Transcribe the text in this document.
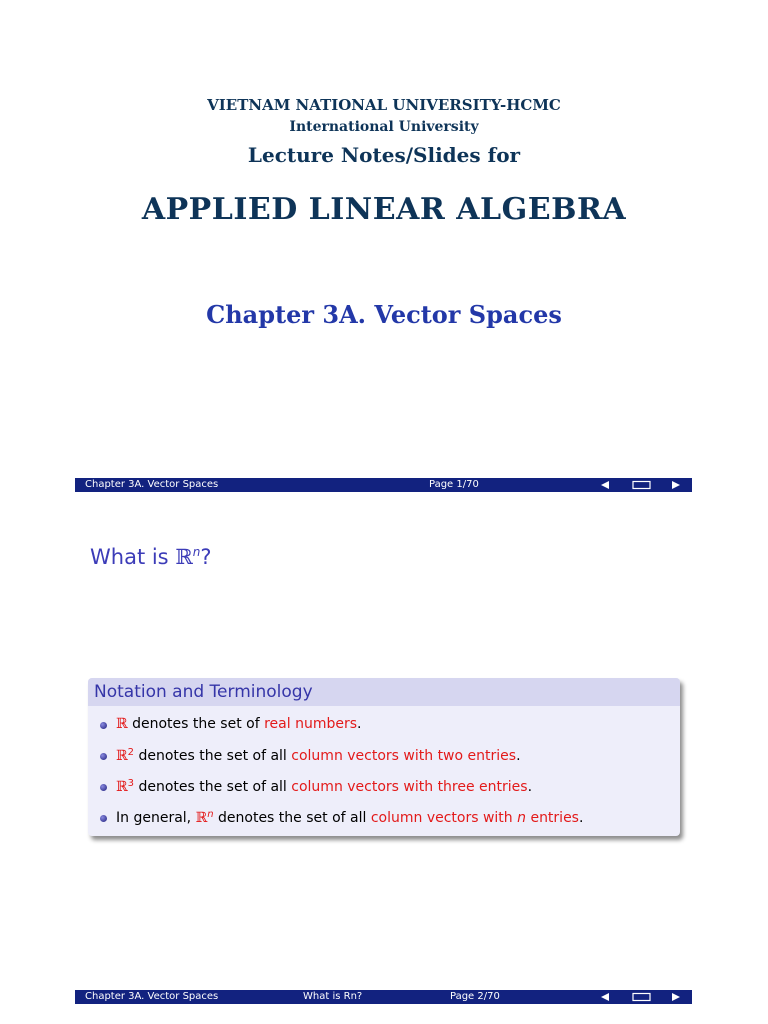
VIETNAM NATIONAL UNIVERSITY-HCMC
International University
Lecture Notes/Slides for
APPLIED LINEAR ALGEBRA
Chapter 3A. Vector Spaces
Chapter 3A. Vector Spaces	Page 1/70
What is ℝ$^n$?
Notation and Terminology
ℝ denotes the set of real numbers.
ℝ$^2$ denotes the set of all column vectors with two entries.
ℝ$^3$ denotes the set of all column vectors with three entries.
In general, ℝ$^n$ denotes the set of all column vectors with n entries.
Chapter 3A. Vector Spaces	What is Rn?	Page 2/70
